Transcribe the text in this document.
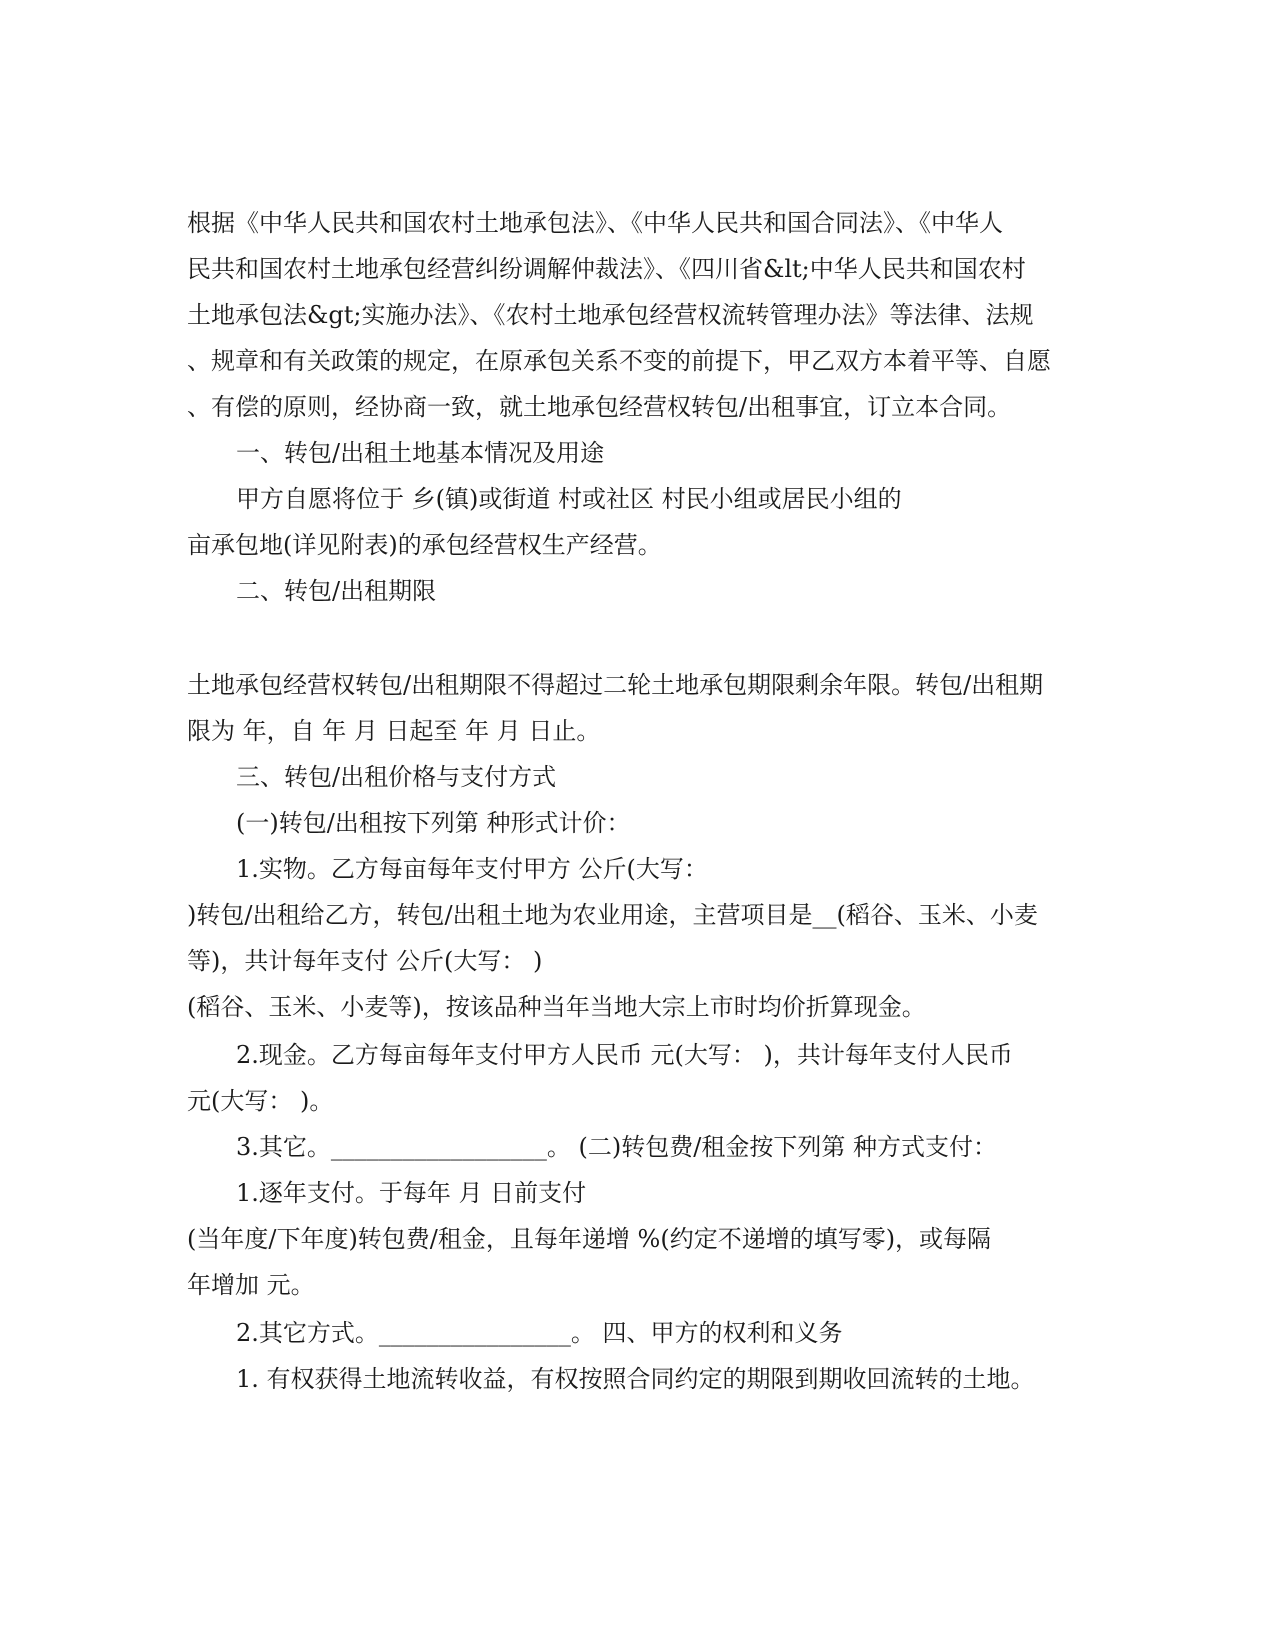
根据《中华人民共和国农村土地承包法》、《中华人民共和国合同法》、《中华人
民共和国农村土地承包经营纠纷调解仲裁法》、《四川省&lt;中华人民共和国农村
土地承包法&gt;实施办法》、《农村土地承包经营权流转管理办法》等法律、法规
、规章和有关政策的规定，在原承包关系不变的前提下，甲乙双方本着平等、自愿
、有偿的原则，经协商一致，就土地承包经营权转包/出租事宜，订立本合同。
一、转包/出租土地基本情况及用途
甲方自愿将位于 乡(镇)或街道 村或社区 村民小组或居民小组的
亩承包地(详见附表)的承包经营权生产经营。
二、转包/出租期限
土地承包经营权转包/出租期限不得超过二轮土地承包期限剩余年限。转包/出租期
限为 年，自 年 月 日起至 年 月 日止。
三、转包/出租价格与支付方式
(一)转包/出租按下列第 种形式计价：
1.实物。乙方每亩每年支付甲方 公斤(大写：
)转包/出租给乙方，转包/出租土地为农业用途，主营项目是__(稻谷、玉米、小麦
等)，共计每年支付 公斤(大写： )
(稻谷、玉米、小麦等)，按该品种当年当地大宗上市时均价折算现金。
2.现金。乙方每亩每年支付甲方人民币 元(大写： )，共计每年支付人民币
元(大写： )。
3.其它。__________________。 (二)转包费/租金按下列第 种方式支付：
1.逐年支付。于每年 月 日前支付
(当年度/下年度)转包费/租金，且每年递增 %(约定不递增的填写零)，或每隔
年增加 元。
2.其它方式。________________。 四、甲方的权利和义务
1. 有权获得土地流转收益，有权按照合同约定的期限到期收回流转的土地。
